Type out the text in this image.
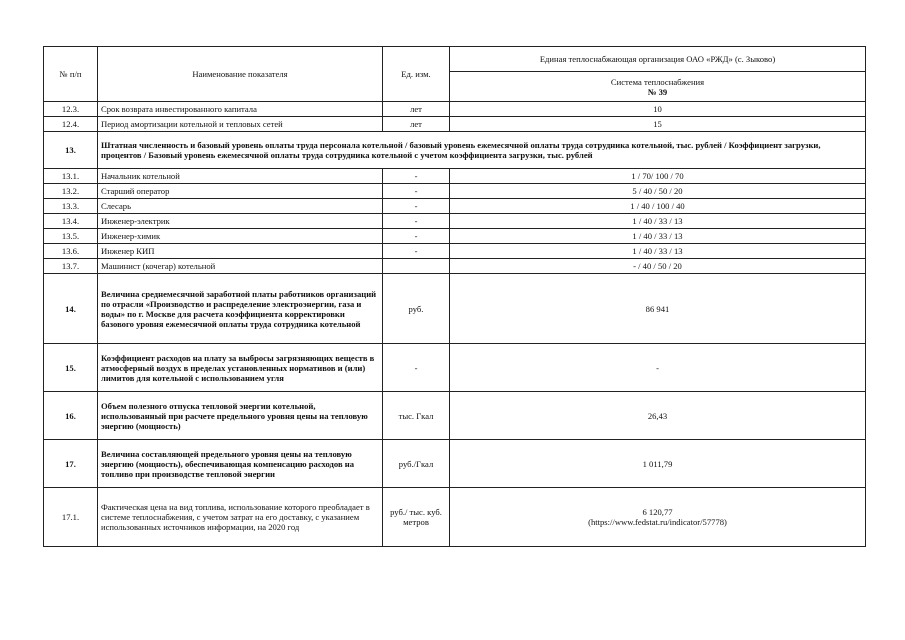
№ п/п	Наименование показателя	Ед. изм.	Единая теплоснабжающая организация ОАО «РЖД» (с. Зыково)

			Система теплоснабжения
№ 39

12.3.	Срок возврата инвестированного капитала	лет	10

12.4.	Период амортизации котельной и тепловых сетей	лет	15

13.	Штатная численность и базовый уровень оплаты труда персонала котельной / базовый уровень ежемесячной оплаты труда сотрудника котельной, тыс. рублей / Коэффициент загрузки, процентов / Базовый уровень ежемесячной оплаты труда сотрудника котельной с учетом коэффициента загрузки, тыс. рублей		
13.1.	Начальник котельной	-	1 / 70/ 100 / 70

13.2.	Старший оператор	-	5 / 40 / 50 / 20

13.3.	Слесарь	-	1 / 40 / 100 / 40

13.4.	Инженер-электрик	-	1 / 40 / 33 / 13

13.5.	Инженер-химик	-	1 / 40 / 33 / 13

13.6.	Инженер КИП	-	1 / 40 / 33 / 13

13.7.	Машинист (кочегар) котельной		- / 40 / 50 / 20

14.	Величина среднемесячной заработной платы работников организаций по отрасли «Производство и распределение электроэнергии, газа и воды» по г. Москве для расчета коэффициента корректировки базового уровня ежемесячной оплаты труда сотрудника котельной	руб.	86 941

15.	Коэффициент расходов на плату за выбросы загрязняющих веществ в атмосферный воздух в пределах установленных нормативов и (или) лимитов для котельной с использованием угля	-	-

16.	Объем полезного отпуска тепловой энергии котельной, использованный при расчете предельного уровня цены на тепловую энергию (мощность)	тыс. Гкал	26,43

17.	Величина составляющей предельного уровня цены на тепловую энергию (мощность), обеспечивающая компенсацию расходов на топливо при производстве тепловой энергии	руб./Гкал	1 011,79

17.1.	Фактическая цена на вид топлива, использование которого преобладает в системе теплоснабжения, с учетом затрат на его доставку, с указанием использованных источников информации, на 2020 год	руб./ тыс. куб. метров	6 120,77
(https://www.fedstat.ru/indicator/57778)
